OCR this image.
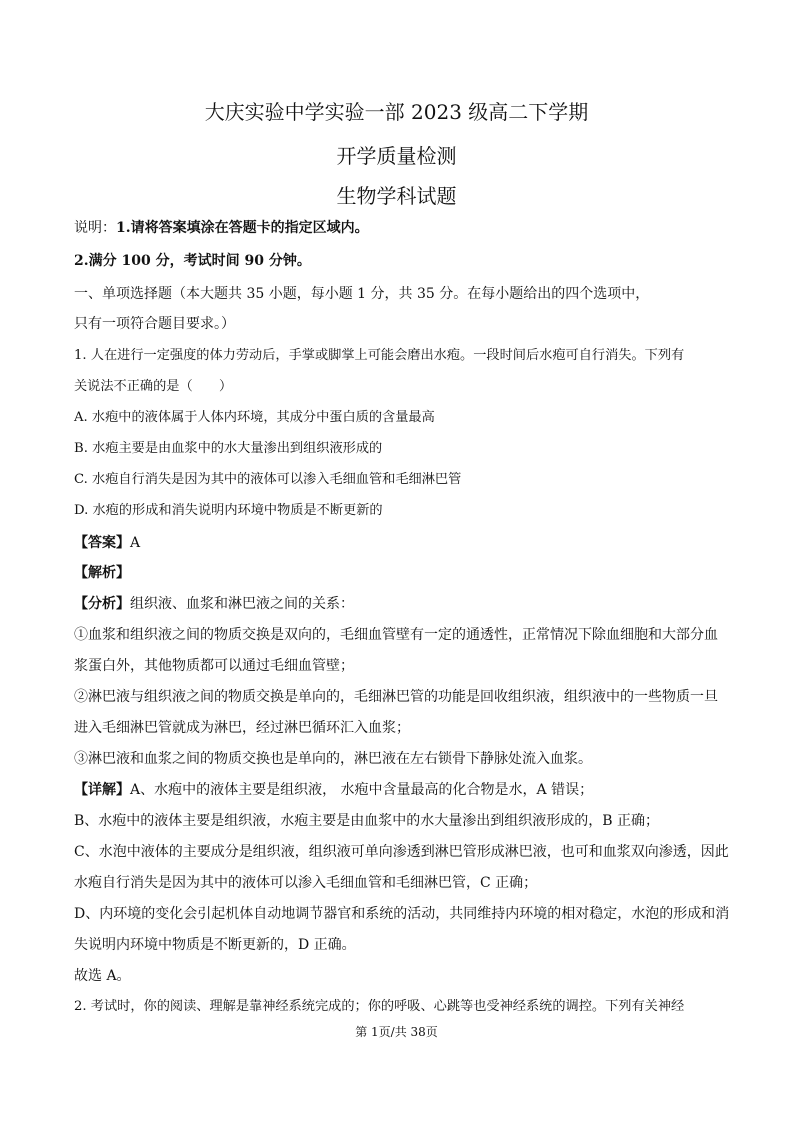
大庆实验中学实验一部 2023 级高二下学期
开学质量检测
生物学科试题
说明：1.请将答案填涂在答题卡的指定区域内。
2.满分 100 分，考试时间 90 分钟。
一、单项选择题（本大题共 35 小题，每小题 1 分，共 35 分。在每小题给出的四个选项中，
只有一项符合题目要求。）
1. 人在进行一定强度的体力劳动后，手掌或脚掌上可能会磨出水疱。一段时间后水疱可自行消失。下列有
关说法不正确的是（　　）
A. 水疱中的液体属于人体内环境，其成分中蛋白质的含量最高
B. 水疱主要是由血浆中的水大量渗出到组织液形成的
C. 水疱自行消失是因为其中的液体可以渗入毛细血管和毛细淋巴管
D. 水疱的形成和消失说明内环境中物质是不断更新的
【答案】A
【解析】
【分析】组织液、血浆和淋巴液之间的关系：
①血浆和组织液之间的物质交换是双向的，毛细血管壁有一定的通透性，正常情况下除血细胞和大部分血
浆蛋白外，其他物质都可以通过毛细血管壁；
②淋巴液与组织液之间的物质交换是单向的，毛细淋巴管的功能是回收组织液，组织液中的一些物质一旦
进入毛细淋巴管就成为淋巴，经过淋巴循环汇入血浆；
③淋巴液和血浆之间的物质交换也是单向的，淋巴液在左右锁骨下静脉处流入血浆。
【详解】A、水疱中的液体主要是组织液， 水疱中含量最高的化合物是水，A 错误；
B、水疱中的液体主要是组织液，水疱主要是由血浆中的水大量渗出到组织液形成的，B 正确；
C、水泡中液体的主要成分是组织液，组织液可单向渗透到淋巴管形成淋巴液，也可和血浆双向渗透，因此
水疱自行消失是因为其中的液体可以渗入毛细血管和毛细淋巴管，C 正确；
D、内环境的变化会引起机体自动地调节器官和系统的活动，共同维持内环境的相对稳定，水泡的形成和消
失说明内环境中物质是不断更新的，D 正确。
故选 A。
2. 考试时，你的阅读、理解是靠神经系统完成的；你的呼吸、心跳等也受神经系统的调控。下列有关神经
第 1页/共 38页
